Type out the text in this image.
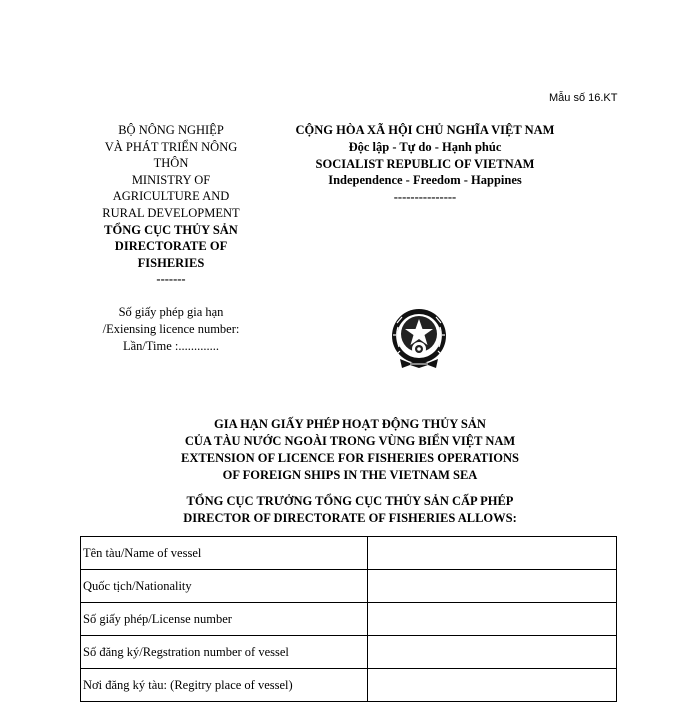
Mẫu số 16.KT
BỘ NÔNG NGHIỆP
VÀ PHÁT TRIỂN NÔNG
THÔN
MINISTRY OF
AGRICULTURE AND
RURAL DEVELOPMENT
TỔNG CỤC THỦY SẢN
DIRECTORATE OF
FISHERIES
-------
CỘNG HÒA XÃ HỘI CHỦ NGHĨA VIỆT NAM
Độc lập - Tự do - Hạnh phúc
SOCIALIST REPUBLIC OF VIETNAM
Independence - Freedom - Happines
---------------
Số giấy phép gia hạn
/Exiensing licence number:
Lần/Time :.............
GIA HẠN GIẤY PHÉP HOẠT ĐỘNG THỦY SẢN
CỦA TÀU NƯỚC NGOÀI TRONG VÙNG BIỂN VIỆT NAM
EXTENSION OF LICENCE FOR FISHERIES OPERATIONS
OF FOREIGN SHIPS IN THE VIETNAM SEA
TỔNG CỤC TRƯỞNG TỔNG CỤC THỦY SẢN CẤP PHÉP
DIRECTOR OF DIRECTORATE OF FISHERIES ALLOWS:
Tên tàu/Name of vessel	
Quốc tịch/Nationality	
Số giấy phép/License number	
Số đăng ký/Regstration number of vessel	
Nơi đăng ký tàu: (Regitry place of vessel)	
